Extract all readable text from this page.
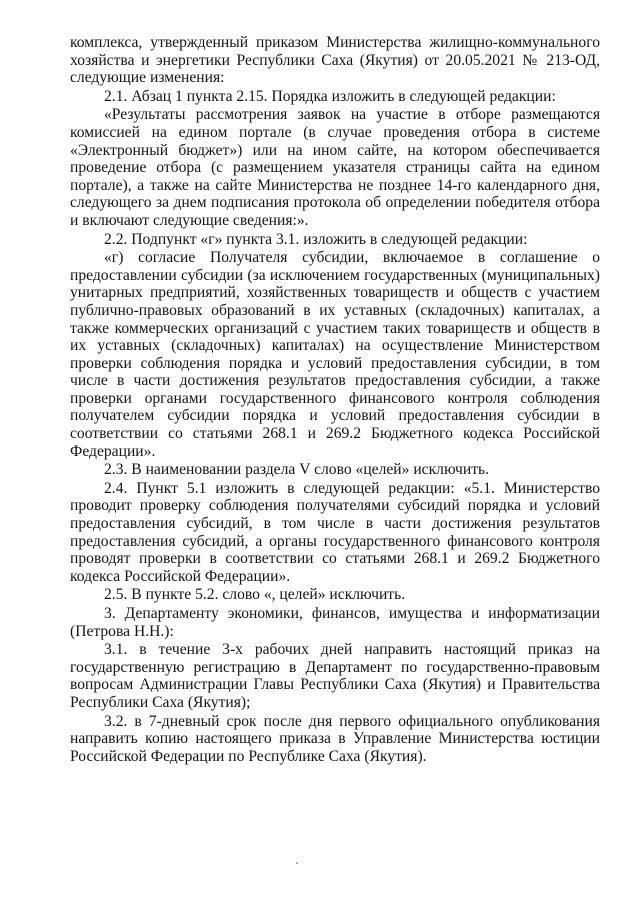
комплекса, утвержденный приказом Министерства жилищно-коммунального хозяйства и энергетики Республики Саха (Якутия) от 20.05.2021 № 213-ОД, следующие изменения:

2.1. Абзац 1 пункта 2.15. Порядка изложить в следующей редакции:

«Результаты рассмотрения заявок на участие в отборе размещаются комиссией на едином портале (в случае проведения отбора в системе «Электронный бюджет») или на ином сайте, на котором обеспечивается проведение отбора (с размещением указателя страницы сайта на едином портале), а также на сайте Министерства не позднее 14-го календарного дня, следующего за днем подписания протокола об определении победителя отбора и включают следующие сведения:».

2.2. Подпункт «г» пункта 3.1. изложить в следующей редакции:

«г) согласие Получателя субсидии, включаемое в соглашение о предоставлении субсидии (за исключением государственных (муниципальных) унитарных предприятий, хозяйственных товариществ и обществ с участием публично-правовых образований в их уставных (складочных) капиталах, а также коммерческих организаций с участием таких товариществ и обществ в их уставных (складочных) капиталах) на осуществление Министерством проверки соблюдения порядка и условий предоставления субсидии, в том числе в части достижения результатов предоставления субсидии, а также проверки органами государственного финансового контроля соблюдения получателем субсидии порядка и условий предоставления субсидии в соответствии со статьями 268.1 и 269.2 Бюджетного кодекса Российской Федерации».

2.3. В наименовании раздела V слово «целей» исключить.

2.4. Пункт 5.1 изложить в следующей редакции: «5.1. Министерство проводит проверку соблюдения получателями субсидий порядка и условий предоставления субсидий, в том числе в части достижения результатов предоставления субсидий, а органы государственного финансового контроля проводят проверки в соответствии со статьями 268.1 и 269.2 Бюджетного кодекса Российской Федерации».

2.5. В пункте 5.2. слово «, целей» исключить.

3. Департаменту экономики, финансов, имущества и информатизации (Петрова Н.Н.):

3.1. в течение 3-х рабочих дней направить настоящий приказ на государственную регистрацию в Департамент по государственно-правовым вопросам Администрации Главы Республики Саха (Якутия) и Правительства Республики Саха (Якутия);

3.2. в 7-дневный срок после дня первого официального опубликования направить копию настоящего приказа в Управление Министерства юстиции Российской Федерации по Республике Саха (Якутия).
